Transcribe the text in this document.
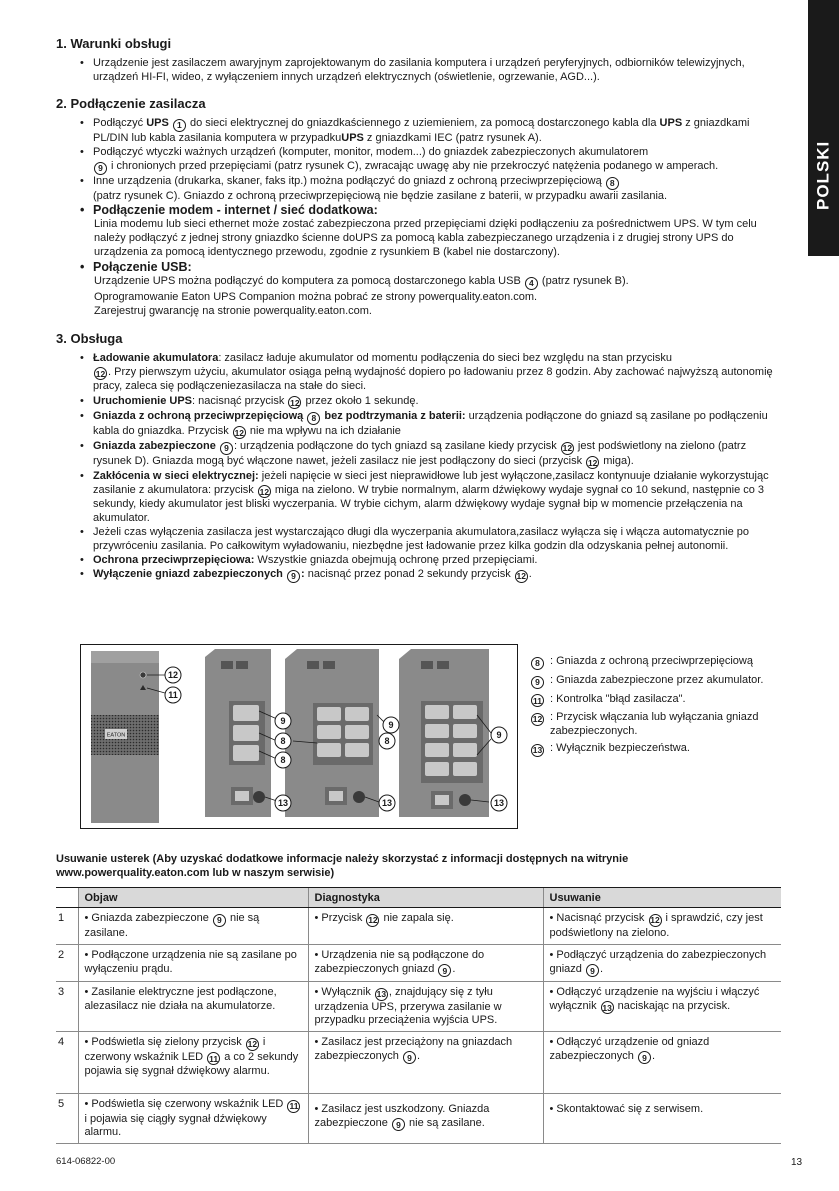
POLSKI
1. Warunki obsługi
• Urządzenie jest zasilaczem awaryjnym zaprojektowanym do zasilania komputera i urządzeń peryferyjnych, odbiorników telewizyjnych, urządzeń HI-FI, wideo, z wyłączeniem innych urządzeń elektrycznych (oświetlenie, ogrzewanie, AGD...).
2. Podłączenie zasilacza
• Podłączyć UPS 1 do sieci elektrycznej do gniazdkaściennego z uziemieniem, za pomocą dostarczonego kabla dla UPS z gniazdkami PL/DIN lub kabla zasilania komputera w przypadkuUPS z gniazdkami IEC (patrz rysunek A).
• Podłączyć wtyczki ważnych urządzeń (komputer, monitor, modem...) do gniazdek zabezpieczonych akumulatorem
9 i chronionych przed przepięciami (patrz rysunek C), zwracając uwagę aby nie przekroczyć natężenia podanego w amperach.
• Inne urządzenia (drukarka, skaner, faks itp.) można podłączyć do gniazd z ochroną przeciwprzepięciową 8
(patrz rysunek C). Gniazdo z ochroną przeciwprzepięciową nie będzie zasilane z baterii, w przypadku awarii zasilania.
• Podłączenie modem - internet / sieć dodatkowa:
Linia modemu lub sieci ethernet może zostać zabezpieczona przed przepięciami dzięki podłączeniu za pośrednictwem UPS. W tym celu należy podłączyć z jednej strony gniazdko ścienne doUPS za pomocą kabla zabezpieczanego urządzenia i z drugiej strony UPS do urządzenia za pomocą identycznego przewodu, zgodnie z rysunkiem B (kabel nie dostarczony).
• Połączenie USB:
Urządzenie UPS można podłączyć do komputera za pomocą dostarczonego kabla USB 4 (patrz rysunek B).
Oprogramowanie Eaton UPS Companion można pobrać ze strony powerquality.eaton.com.
Zarejestruj gwarancję na stronie powerquality.eaton.com.
3. Obsługa
• Ładowanie akumulatora: zasilacz ładuje akumulator od momentu podłączenia do sieci bez względu na stan przycisku
12 . Przy pierwszym użyciu, akumulator osiąga pełną wydajność dopiero po ładowaniu przez 8 godzin. Aby zachować najwyższą autonomię pracy, zaleca się podłączeniezasilacza na stałe do sieci.
• Uruchomienie UPS: nacisnąć przycisk 12 przez około 1 sekundę.
• Gniazda z ochroną przeciwprzepięciową 8 bez podtrzymania z baterii: urządzenia podłączone do gniazd są zasilane po podłączeniu kabla do gniazdka. Przycisk 12 nie ma wpływu na ich działanie
• Gniazda zabezpieczone 9 : urządzenia podłączone do tych gniazd są zasilane kiedy przycisk 12 jest podświetlony na zielono (patrz rysunek D). Gniazda mogą być włączone nawet, jeżeli zasilacz nie jest podłączony do sieci (przycisk 12 miga).
• Zakłócenia w sieci elektrycznej: jeżeli napięcie w sieci jest nieprawidłowe lub jest wyłączone,zasilacz kontynuuje działanie wykorzystując zasilanie z akumulatora: przycisk 12 miga na zielono. W trybie normalnym, alarm dźwiękowy wydaje sygnał co 10 sekund, następnie co 3 sekundy, kiedy akumulator jest bliski wyczerpania. W trybie cichym, alarm dźwiękowy wydaje sygnał bip w momencie przełączenia na akumulator.
• Jeżeli czas wyłączenia zasilacza jest wystarczająco długi dla wyczerpania akumulatora,zasilacz wyłącza się i włącza automatycznie po przywróceniu zasilania. Po całkowitym wyładowaniu, niezbędne jest ładowanie przez kilka godzin dla odzyskania pełnej autonomii.
• Ochrona przeciwprzepięciowa: Wszystkie gniazda obejmują ochronę przed przepięciami.
• Wyłączenie gniazd zabezpieczonych 9 : nacisnąć przez ponad 2 sekundy przycisk 12 .
EATON
12
11
9
8
8
13
9
8
13
9
13
8 : Gniazda z ochroną przeciwprzepięciową
9 : Gniazda zabezpieczone przez akumulator.
11 : Kontrolka "błąd zasilacza".
12 : Przycisk włączania lub wyłączania gniazd zabezpieczonych.
13 : Wyłącznik bezpieczeństwa.
Usuwanie usterek (Aby uzyskać dodatkowe informacje należy skorzystać z informacji dostępnych na witrynie www.powerquality.eaton.com lub w naszym serwisie)
	Objaw	Diagnostyka	Usuwanie
1	• Gniazda zabezpieczone 9 nie są zasilane.	• Przycisk 12 nie zapala się.	• Nacisnąć przycisk 12 i sprawdzić, czy jest podświetlony na zielono.
2	• Podłączone urządzenia nie są zasilane po wyłączeniu prądu.	• Urządzenia nie są podłączone do zabezpieczonych gniazd 9 .	• Podłączyć urządzenia do zabezpieczonych gniazd 9 .
3	• Zasilanie elektryczne jest podłączone, alezasilacz nie działa na akumulatorze.	• Wyłącznik 13 , znajdujący się z tyłu urządzenia UPS, przerywa zasilanie w przypadku przeciążenia wyjścia UPS.	• Odłączyć urządzenie na wyjściu i włączyć wyłącznik 13 naciskając na przycisk.
4	• Podświetla się zielony przycisk 12 i czerwony wskaźnik LED 11 a co 2 sekundy pojawia się sygnał dźwiękowy alarmu.	• Zasilacz jest przeciążony na gniazdach zabezpieczonych 9 .	• Odłączyć urządzenie od gniazd zabezpieczonych 9 .
5	• Podświetla się czerwony wskaźnik LED 11 i pojawia się ciągły sygnał dźwiękowy alarmu.	• Zasilacz jest uszkodzony. Gniazda zabezpieczone 9 nie są zasilane.	• Skontaktować się z serwisem.
614-06822-00	13
